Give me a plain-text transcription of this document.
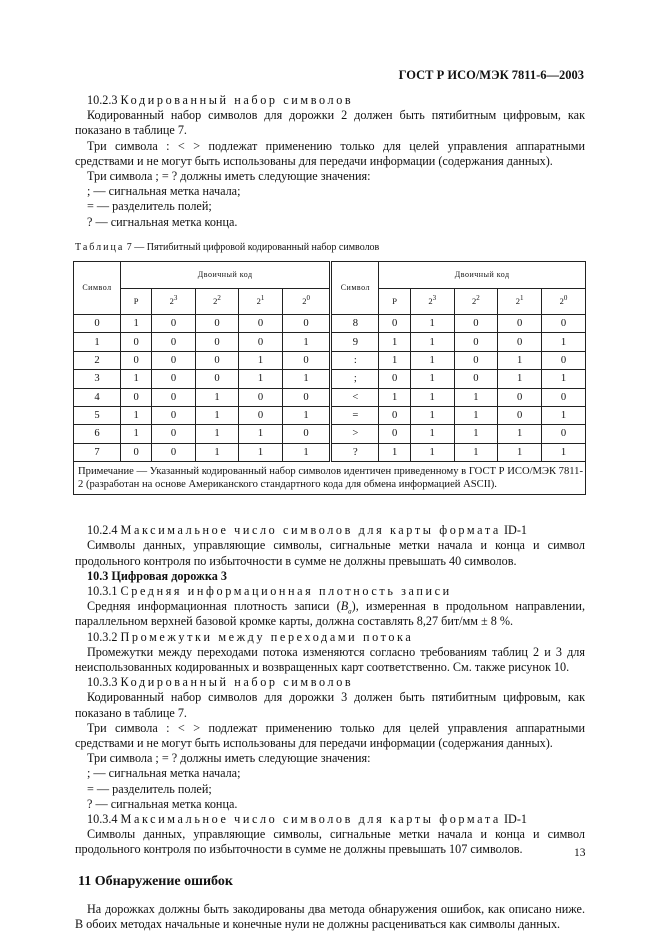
ГОСТ Р ИСО/МЭК 7811-6—2003

10.2.3 Кодированный набор символов

Кодированный набор символов для дорожки 2 должен быть пятибитным цифровым, как показано в таблице 7.

Три символа : < > подлежат применению только для целей управления аппаратными средствами и не могут быть использованы для передачи информации (содержания данных).

Три символа ; = ? должны иметь следующие значения:

; — сигнальная метка начала;

= — разделитель полей;

? — сигнальная метка конца.

Таблица 7 — Пятибитный цифровой кодированный набор символов

Символ	Двоичный код					Символ	Двоичный код				
	P	$2^3$	$2^2$	$2^1$	$2^0$		P	$2^3$	$2^2$	$2^1$	$2^0$
0	1	0	0	0	0	8	0	1	0	0	0
1	0	0	0	0	1	9	1	1	0	0	1
2	0	0	0	1	0	:	1	1	0	1	0
3	1	0	0	1	1	;	0	1	0	1	1
4	0	0	1	0	0	<	1	1	1	0	0
5	1	0	1	0	1	=	0	1	1	0	1
6	1	0	1	1	0	>	0	1	1	1	0
7	0	0	1	1	1	?	1	1	1	1	1
Примечание — Указанный кодированный набор символов идентичен приведенному в ГОСТ Р ИСО/МЭК 7811-2 (разработан на основе Американского стандартного кода для обмена информацией ASCII).											

10.2.4 Максимальное число символов для карты формата ID-1

Символы данных, управляющие символы, сигнальные метки начала и конца и символ продольного контроля по избыточности в сумме не должны превышать 40 символов.

10.3 Цифровая дорожка 3

10.3.1 Средняя информационная плотность записи

Средняя информационная плотность записи $(B_a)$, измеренная в продольном направлении, параллельном верхней базовой кромке карты, должна составлять 8,27 бит/мм ± 8 %.

10.3.2 Промежутки между переходами потока

Промежутки между переходами потока изменяются согласно требованиям таблиц 2 и 3 для неиспользованных кодированных и возвращенных карт соответственно. См. также рисунок 10.

10.3.3 Кодированный набор символов

Кодированный набор символов для дорожки 3 должен быть пятибитным цифровым, как показано в таблице 7.

Три символа : < > подлежат применению только для целей управления аппаратными средствами и не могут быть использованы для передачи информации (содержания данных).

Три символа ; = ? должны иметь следующие значения:

; — сигнальная метка начала;

= — разделитель полей;

? — сигнальная метка конца.

10.3.4 Максимальное число символов для карты формата ID-1

Символы данных, управляющие символы, сигнальные метки начала и конца и символ продольного контроля по избыточности в сумме не должны превышать 107 символов.

11 Обнаружение ошибок

На дорожках должны быть закодированы два метода обнаружения ошибок, как описано ниже. В обоих методах начальные и конечные нули не должны расцениваться как символы данных.

13
